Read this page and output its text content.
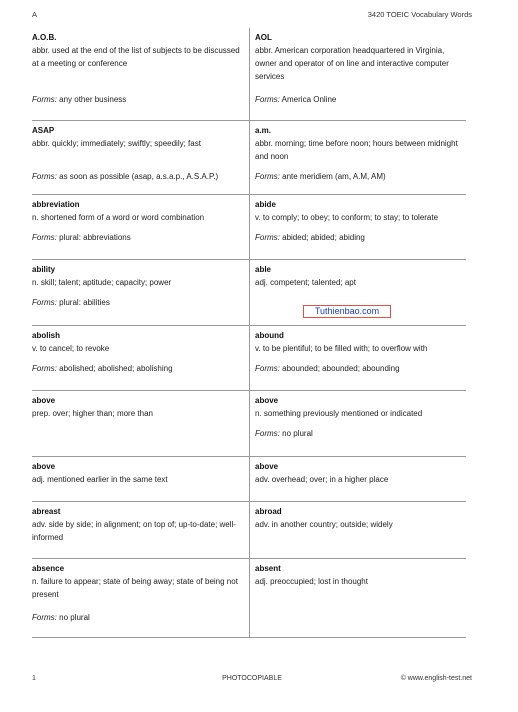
A	3420 TOEIC Vocabulary Words
A.O.B.
abbr. used at the end of the list of subjects to be discussed at a meeting or conference
Forms: any other business
AOL
abbr. American corporation headquartered in Virginia, owner and operator of on line and interactive computer services
Forms: America Online
ASAP
abbr. quickly; immediately; swiftly; speedily; fast
Forms: as soon as possible (asap, a.s.a.p., A.S.A.P.)
a.m.
abbr. morning; time before noon; hours between midnight and noon
Forms: ante meridiem (am, A.M, AM)
abbreviation
n. shortened form of a word or word combination
Forms: plural: abbreviations
abide
v. to comply; to obey; to conform; to stay; to tolerate
Forms: abided; abided; abiding
ability
n. skill; talent; aptitude; capacity; power
Forms: plural: abilities
able
adj. competent; talented; apt
abolish
v. to cancel; to revoke
Forms: abolished; abolished; abolishing
abound
v. to be plentiful; to be filled with; to overflow with
Forms: abounded; abounded; abounding
above
prep. over; higher than; more than
above
n. something previously mentioned or indicated
Forms: no plural
above
adj. mentioned earlier in the same text
above
adv. overhead; over; in a higher place
abreast
adv. side by side; in alignment; on top of; up-to-date; well-informed
abroad
adv. in another country; outside; widely
absence
n. failure to appear; state of being away; state of being not present
Forms: no plural
absent
adj. preoccupied; lost in thought
Tuthienbao.com
1	PHOTOCOPIABLE	© www.english-test.net
